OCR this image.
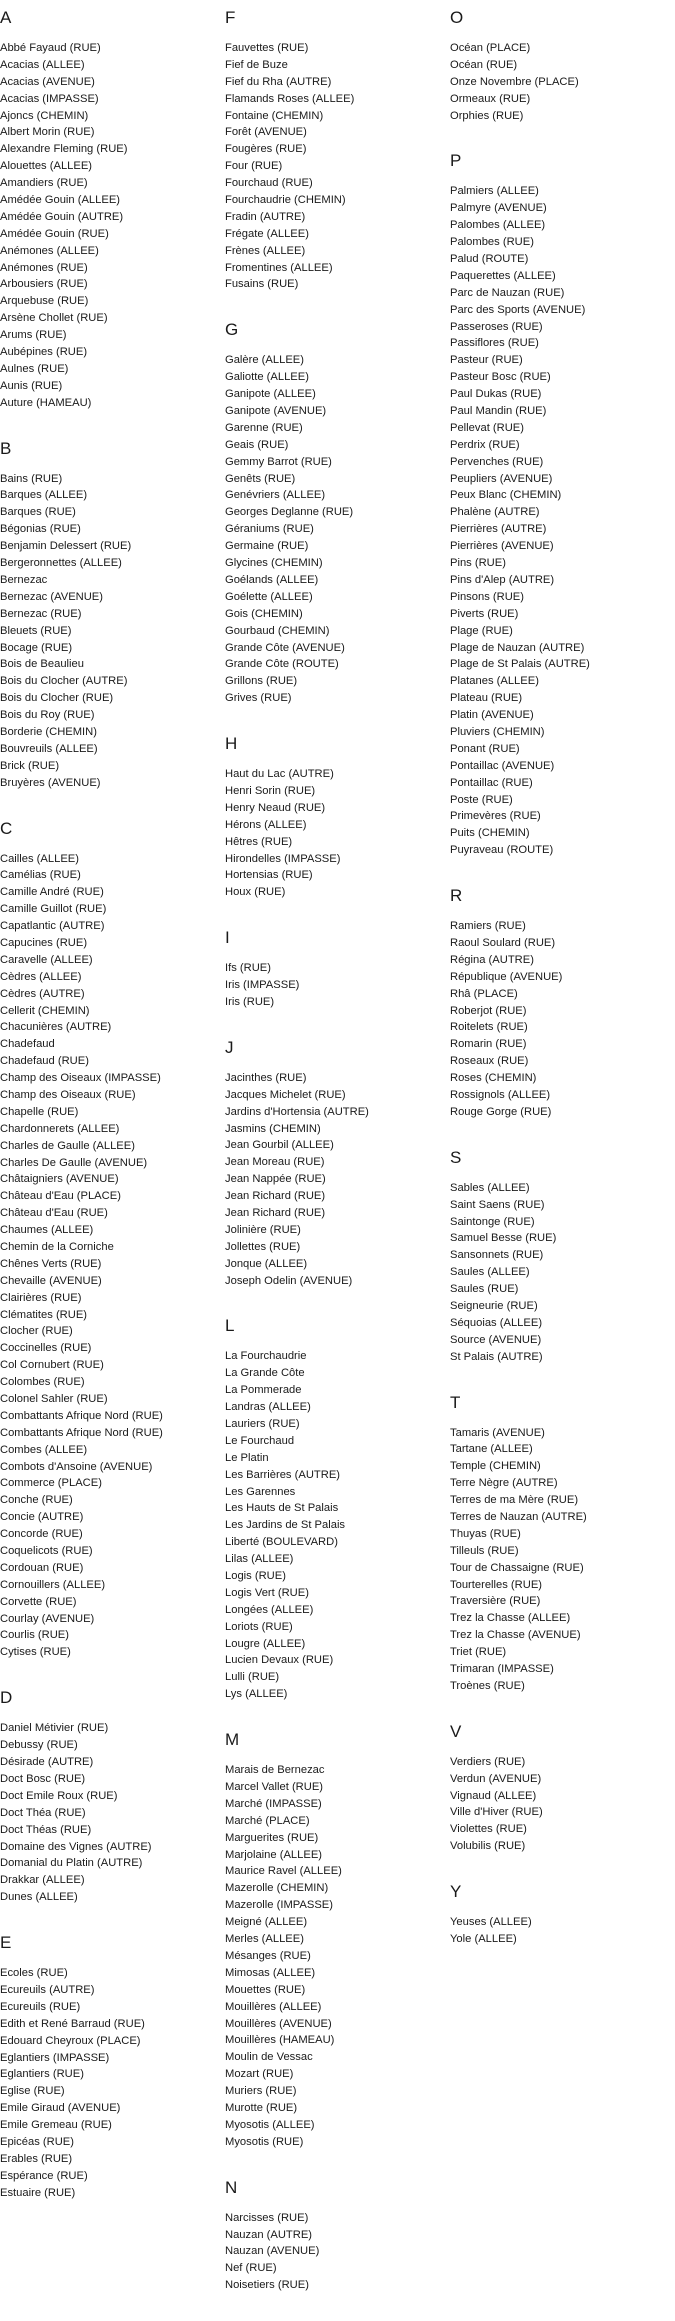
A
Abbé Fayaud (RUE)
Acacias (ALLEE)
Acacias (AVENUE)
Acacias (IMPASSE)
Ajoncs (CHEMIN)
Albert Morin (RUE)
Alexandre Fleming (RUE)
Alouettes (ALLEE)
Amandiers (RUE)
Amédée Gouin (ALLEE)
Amédée Gouin (AUTRE)
Amédée Gouin (RUE)
Anémones (ALLEE)
Anémones (RUE)
Arbousiers (RUE)
Arquebuse (RUE)
Arsène Chollet (RUE)
Arums (RUE)
Aubépines (RUE)
Aulnes (RUE)
Aunis (RUE)
Auture (HAMEAU)
B
Bains (RUE)
Barques (ALLEE)
Barques (RUE)
Bégonias (RUE)
Benjamin Delessert (RUE)
Bergeronnettes (ALLEE)
Bernezac
Bernezac (AVENUE)
Bernezac (RUE)
Bleuets (RUE)
Bocage (RUE)
Bois de Beaulieu
Bois du Clocher (AUTRE)
Bois du Clocher (RUE)
Bois du Roy (RUE)
Borderie (CHEMIN)
Bouvreuils (ALLEE)
Brick (RUE)
Bruyères (AVENUE)
C
Cailles (ALLEE)
Camélias (RUE)
Camille André (RUE)
Camille Guillot (RUE)
Capatlantic (AUTRE)
Capucines (RUE)
Caravelle (ALLEE)
Cèdres (ALLEE)
Cèdres (AUTRE)
Cellerit (CHEMIN)
Chacunières (AUTRE)
Chadefaud
Chadefaud (RUE)
Champ des Oiseaux (IMPASSE)
Champ des Oiseaux (RUE)
Chapelle (RUE)
Chardonnerets (ALLEE)
Charles de Gaulle (ALLEE)
Charles De Gaulle (AVENUE)
Châtaigniers (AVENUE)
Château d'Eau (PLACE)
Château d'Eau (RUE)
Chaumes (ALLEE)
Chemin de la Corniche
Chênes Verts (RUE)
Chevaille (AVENUE)
Clairières (RUE)
Clématites (RUE)
Clocher (RUE)
Coccinelles (RUE)
Col Cornubert (RUE)
Colombes (RUE)
Colonel Sahler (RUE)
Combattants Afrique Nord (RUE)
Combattants Afrique Nord (RUE)
Combes (ALLEE)
Combots d'Ansoine (AVENUE)
Commerce (PLACE)
Conche (RUE)
Concie (AUTRE)
Concorde (RUE)
Coquelicots (RUE)
Cordouan (RUE)
Cornouillers (ALLEE)
Corvette (RUE)
Courlay (AVENUE)
Courlis (RUE)
Cytises (RUE)
D
Daniel Métivier (RUE)
Debussy (RUE)
Désirade (AUTRE)
Doct Bosc (RUE)
Doct Emile Roux (RUE)
Doct Théa (RUE)
Doct Théas (RUE)
Domaine des Vignes (AUTRE)
Domanial du Platin (AUTRE)
Drakkar (ALLEE)
Dunes (ALLEE)
E
Ecoles (RUE)
Ecureuils (AUTRE)
Ecureuils (RUE)
Edith et René Barraud (RUE)
Edouard Cheyroux (PLACE)
Eglantiers (IMPASSE)
Eglantiers (RUE)
Eglise (RUE)
Emile Giraud (AVENUE)
Emile Gremeau (RUE)
Epicéas (RUE)
Erables (RUE)
Espérance (RUE)
Estuaire (RUE)
F
Fauvettes (RUE)
Fief de Buze
Fief du Rha (AUTRE)
Flamands Roses (ALLEE)
Fontaine (CHEMIN)
Forêt (AVENUE)
Fougères (RUE)
Four (RUE)
Fourchaud (RUE)
Fourchaudrie (CHEMIN)
Fradin (AUTRE)
Frégate (ALLEE)
Frènes (ALLEE)
Fromentines (ALLEE)
Fusains (RUE)
G
Galère (ALLEE)
Galiotte (ALLEE)
Ganipote (ALLEE)
Ganipote (AVENUE)
Garenne (RUE)
Geais (RUE)
Gemmy Barrot (RUE)
Genêts (RUE)
Genévriers (ALLEE)
Georges Deglanne (RUE)
Géraniums (RUE)
Germaine (RUE)
Glycines (CHEMIN)
Goélands (ALLEE)
Goélette (ALLEE)
Gois (CHEMIN)
Gourbaud (CHEMIN)
Grande Côte (AVENUE)
Grande Côte (ROUTE)
Grillons (RUE)
Grives (RUE)
H
Haut du Lac (AUTRE)
Henri Sorin (RUE)
Henry Neaud (RUE)
Hérons (ALLEE)
Hêtres (RUE)
Hirondelles (IMPASSE)
Hortensias (RUE)
Houx (RUE)
I
Ifs (RUE)
Iris (IMPASSE)
Iris (RUE)
J
Jacinthes (RUE)
Jacques Michelet (RUE)
Jardins d'Hortensia (AUTRE)
Jasmins (CHEMIN)
Jean Gourbil (ALLEE)
Jean Moreau (RUE)
Jean Nappée (RUE)
Jean Richard (RUE)
Jean Richard (RUE)
Jolinière (RUE)
Jollettes (RUE)
Jonque (ALLEE)
Joseph Odelin (AVENUE)
L
La Fourchaudrie
La Grande Côte
La Pommerade
Landras (ALLEE)
Lauriers (RUE)
Le Fourchaud
Le Platin
Les Barrières (AUTRE)
Les Garennes
Les Hauts de St Palais
Les Jardins de St Palais
Liberté (BOULEVARD)
Lilas (ALLEE)
Logis (RUE)
Logis Vert (RUE)
Longées (ALLEE)
Loriots (RUE)
Lougre (ALLEE)
Lucien Devaux (RUE)
Lulli (RUE)
Lys (ALLEE)
M
Marais de Bernezac
Marcel Vallet (RUE)
Marché (IMPASSE)
Marché (PLACE)
Marguerites (RUE)
Marjolaine (ALLEE)
Maurice Ravel (ALLEE)
Mazerolle (CHEMIN)
Mazerolle (IMPASSE)
Meigné (ALLEE)
Merles (ALLEE)
Mésanges (RUE)
Mimosas (ALLEE)
Mouettes (RUE)
Mouillères (ALLEE)
Mouillères (AVENUE)
Mouillères (HAMEAU)
Moulin de Vessac
Mozart (RUE)
Muriers (RUE)
Murotte (RUE)
Myosotis (ALLEE)
Myosotis (RUE)
N
Narcisses (RUE)
Nauzan (AUTRE)
Nauzan (AVENUE)
Nef (RUE)
Noisetiers (RUE)
O
Océan (PLACE)
Océan (RUE)
Onze Novembre (PLACE)
Ormeaux (RUE)
Orphies (RUE)
P
Palmiers (ALLEE)
Palmyre (AVENUE)
Palombes (ALLEE)
Palombes (RUE)
Palud (ROUTE)
Paquerettes (ALLEE)
Parc de Nauzan (RUE)
Parc des Sports (AVENUE)
Passeroses (RUE)
Passiflores (RUE)
Pasteur (RUE)
Pasteur Bosc (RUE)
Paul Dukas (RUE)
Paul Mandin (RUE)
Pellevat (RUE)
Perdrix (RUE)
Pervenches (RUE)
Peupliers (AVENUE)
Peux Blanc (CHEMIN)
Phalène (AUTRE)
Pierrières (AUTRE)
Pierrières (AVENUE)
Pins (RUE)
Pins d'Alep (AUTRE)
Pinsons (RUE)
Piverts (RUE)
Plage (RUE)
Plage de Nauzan (AUTRE)
Plage de St Palais (AUTRE)
Platanes (ALLEE)
Plateau (RUE)
Platin (AVENUE)
Pluviers (CHEMIN)
Ponant (RUE)
Pontaillac (AVENUE)
Pontaillac (RUE)
Poste (RUE)
Primevères (RUE)
Puits (CHEMIN)
Puyraveau (ROUTE)
R
Ramiers (RUE)
Raoul Soulard (RUE)
Régina (AUTRE)
République (AVENUE)
Rhâ (PLACE)
Roberjot (RUE)
Roitelets (RUE)
Romarin (RUE)
Roseaux (RUE)
Roses (CHEMIN)
Rossignols (ALLEE)
Rouge Gorge (RUE)
S
Sables (ALLEE)
Saint Saens (RUE)
Saintonge (RUE)
Samuel Besse (RUE)
Sansonnets (RUE)
Saules (ALLEE)
Saules (RUE)
Seigneurie (RUE)
Séquoias (ALLEE)
Source (AVENUE)
St Palais (AUTRE)
T
Tamaris (AVENUE)
Tartane (ALLEE)
Temple (CHEMIN)
Terre Nègre (AUTRE)
Terres de ma Mère (RUE)
Terres de Nauzan (AUTRE)
Thuyas (RUE)
Tilleuls (RUE)
Tour de Chassaigne (RUE)
Tourterelles (RUE)
Traversière (RUE)
Trez la Chasse (ALLEE)
Trez la Chasse (AVENUE)
Triet (RUE)
Trimaran (IMPASSE)
Troènes (RUE)
V
Verdiers (RUE)
Verdun (AVENUE)
Vignaud (ALLEE)
Ville d'Hiver (RUE)
Violettes (RUE)
Volubilis (RUE)
Y
Yeuses (ALLEE)
Yole (ALLEE)
